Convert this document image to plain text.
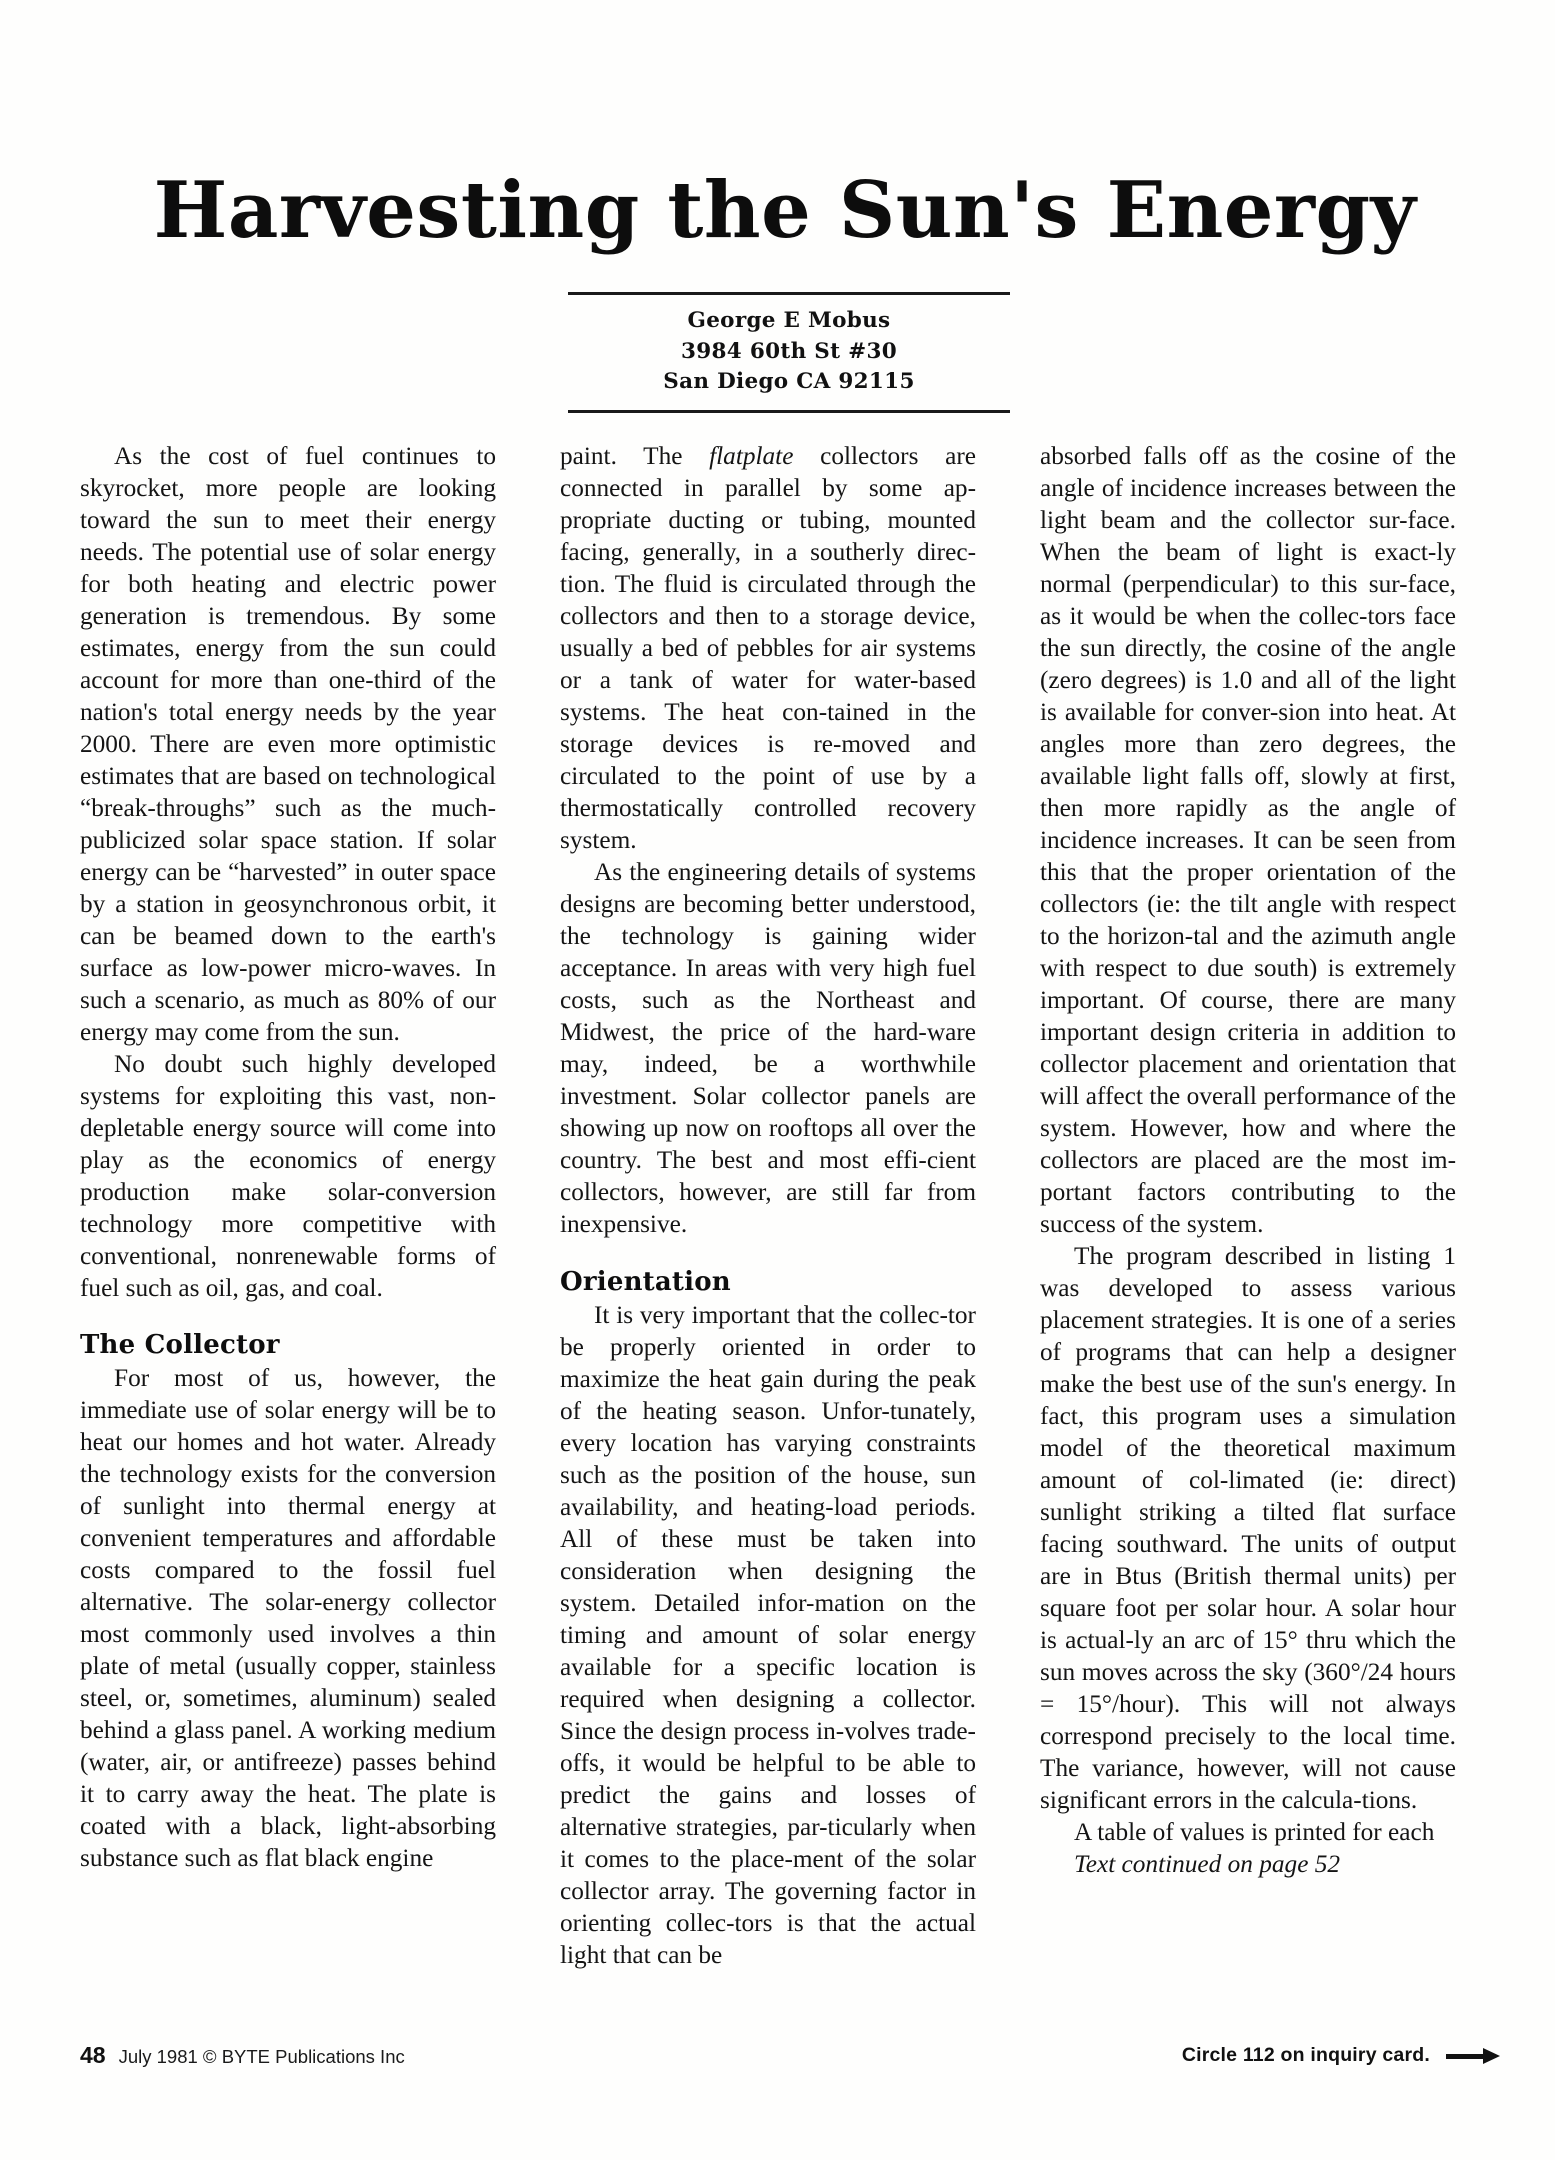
Harvesting the Sun's Energy
George E Mobus
3984 60th St #30
San Diego CA 92115

As the cost of fuel continues to skyrocket, more people are looking toward the sun to meet their energy needs. The potential use of solar energy for both heating and electric power generation is tremendous. By some estimates, energy from the sun could account for more than one-third of the nation's total energy needs by the year 2000. There are even more optimistic estimates that are based on technological “break-throughs” such as the much-publicized solar space station. If solar energy can be “harvested” in outer space by a station in geosynchronous orbit, it can be beamed down to the earth's surface as low-power micro-waves. In such a scenario, as much as 80% of our energy may come from the sun.

No doubt such highly developed systems for exploiting this vast, non-depletable energy source will come into play as the economics of energy production make solar-conversion technology more competitive with conventional, nonrenewable forms of fuel such as oil, gas, and coal.

The Collector

For most of us, however, the immediate use of solar energy will be to heat our homes and hot water. Already the technology exists for the conversion of sunlight into thermal energy at convenient temperatures and affordable costs compared to the fossil fuel alternative. The solar-energy collector most commonly used involves a thin plate of metal (usually copper, stainless steel, or, sometimes, aluminum) sealed behind a glass panel. A working medium (water, air, or antifreeze) passes behind it to carry away the heat. The plate is coated with a black, light-absorbing substance such as flat black engine

paint. The flatplate collectors are connected in parallel by some ap-propriate ducting or tubing, mounted facing, generally, in a southerly direc-tion. The fluid is circulated through the collectors and then to a storage device, usually a bed of pebbles for air systems or a tank of water for water-based systems. The heat con-tained in the storage devices is re-moved and circulated to the point of use by a thermostatically controlled recovery system.

As the engineering details of systems designs are becoming better understood, the technology is gaining wider acceptance. In areas with very high fuel costs, such as the Northeast and Midwest, the price of the hard-ware may, indeed, be a worthwhile investment. Solar collector panels are showing up now on rooftops all over the country. The best and most effi-cient collectors, however, are still far from inexpensive.

Orientation

It is very important that the collec-tor be properly oriented in order to maximize the heat gain during the peak of the heating season. Unfor-tunately, every location has varying constraints such as the position of the house, sun availability, and heating-load periods. All of these must be taken into consideration when designing the system. Detailed infor-mation on the timing and amount of solar energy available for a specific location is required when designing a collector. Since the design process in-volves trade-offs, it would be helpful to be able to predict the gains and losses of alternative strategies, par-ticularly when it comes to the place-ment of the solar collector array. The governing factor in orienting collec-tors is that the actual light that can be

absorbed falls off as the cosine of the angle of incidence increases between the light beam and the collector sur-face. When the beam of light is exact-ly normal (perpendicular) to this sur-face, as it would be when the collec-tors face the sun directly, the cosine of the angle (zero degrees) is 1.0 and all of the light is available for conver-sion into heat. At angles more than zero degrees, the available light falls off, slowly at first, then more rapidly as the angle of incidence increases. It can be seen from this that the proper orientation of the collectors (ie: the tilt angle with respect to the horizon-tal and the azimuth angle with respect to due south) is extremely important. Of course, there are many important design criteria in addition to collector placement and orientation that will affect the overall performance of the system. However, how and where the collectors are placed are the most im-portant factors contributing to the success of the system.

The program described in listing 1 was developed to assess various placement strategies. It is one of a series of programs that can help a designer make the best use of the sun's energy. In fact, this program uses a simulation model of the theoretical maximum amount of col-limated (ie: direct) sunlight striking a tilted flat surface facing southward. The units of output are in Btus (British thermal units) per square foot per solar hour. A solar hour is actual-ly an arc of 15° thru which the sun moves across the sky (360°/24 hours = 15°/hour). This will not always correspond precisely to the local time. The variance, however, will not cause significant errors in the calcula-tions.

A table of values is printed for each

Text continued on page 52

48 July 1981 © BYTE Publications Inc	Circle 112 on inquiry card.
